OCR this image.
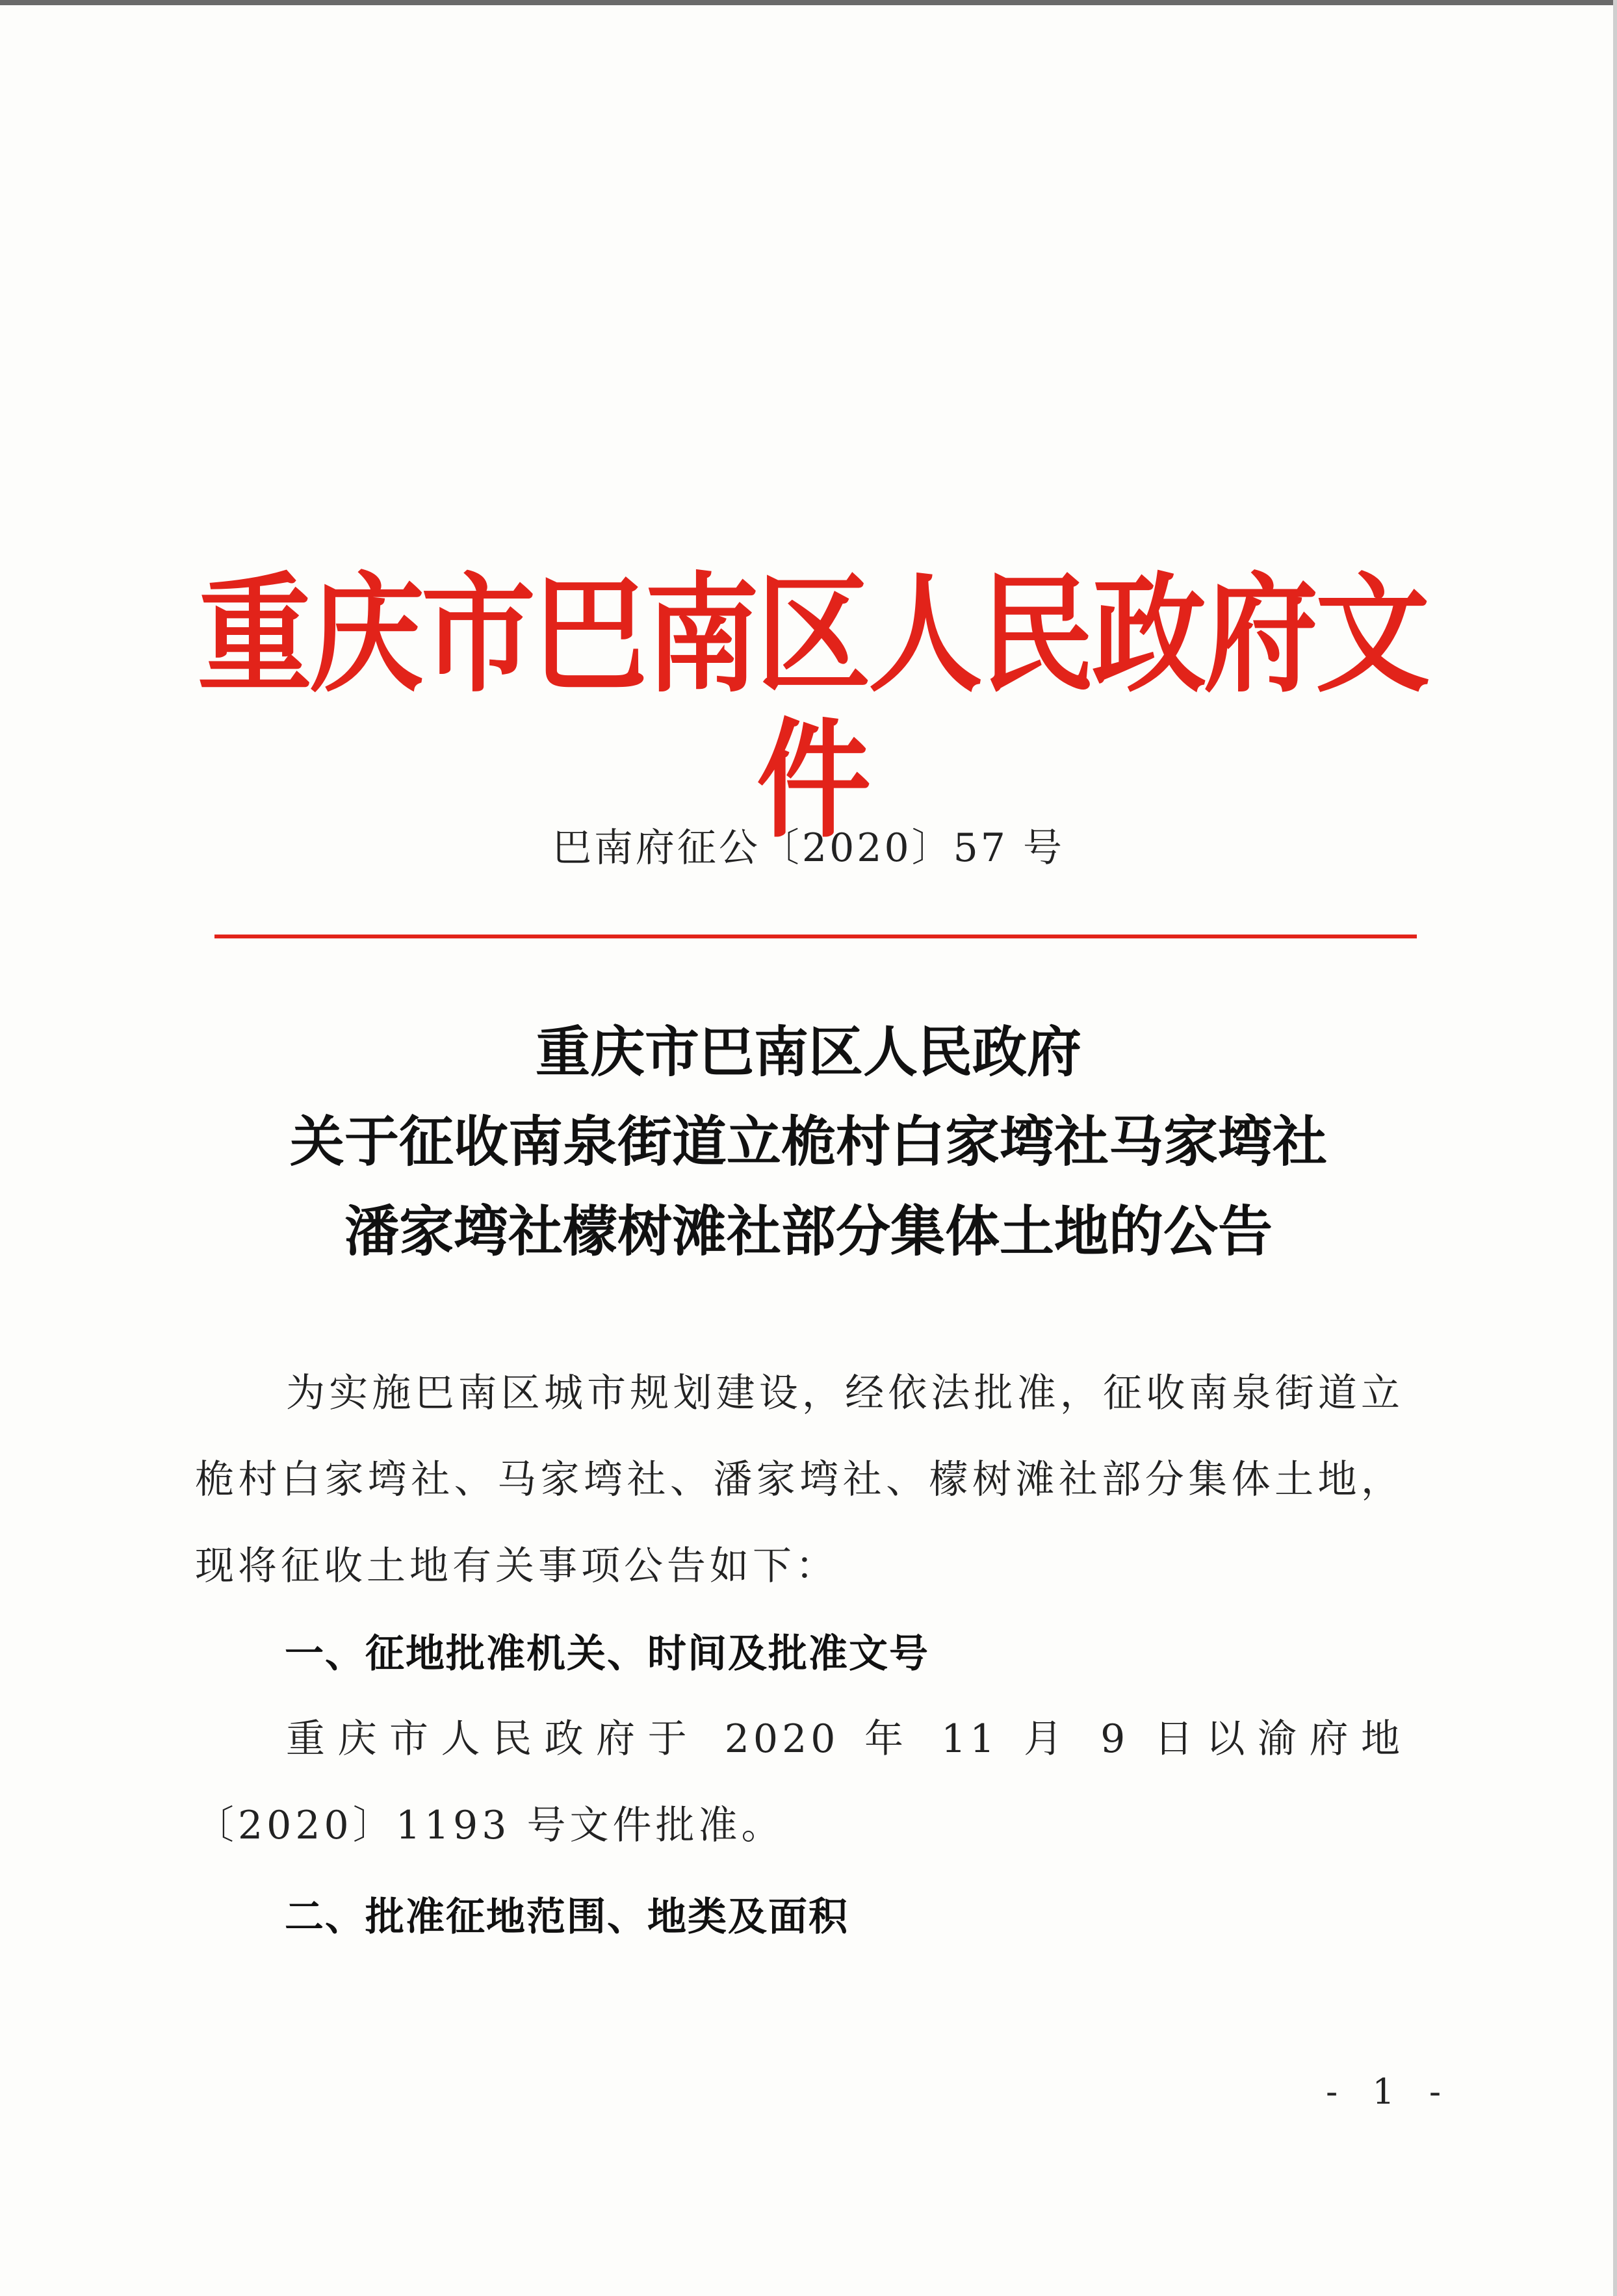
重庆市巴南区人民政府文件
巴南府征公〔2020〕57 号
重庆市巴南区人民政府
关于征收南泉街道立桅村白家塆社马家塆社
潘家塆社檬树滩社部分集体土地的公告
为实施巴南区城市规划建设，经依法批准，征收南泉街道立桅村白家塆社、马家塆社、潘家塆社、檬树滩社部分集体土地，现将征收土地有关事项公告如下：
一、征地批准机关、时间及批准文号
重庆市人民政府于 2020 年 11 月 9 日以渝府地〔2020〕1193 号文件批准。
二、批准征地范围、地类及面积
- 1 -
